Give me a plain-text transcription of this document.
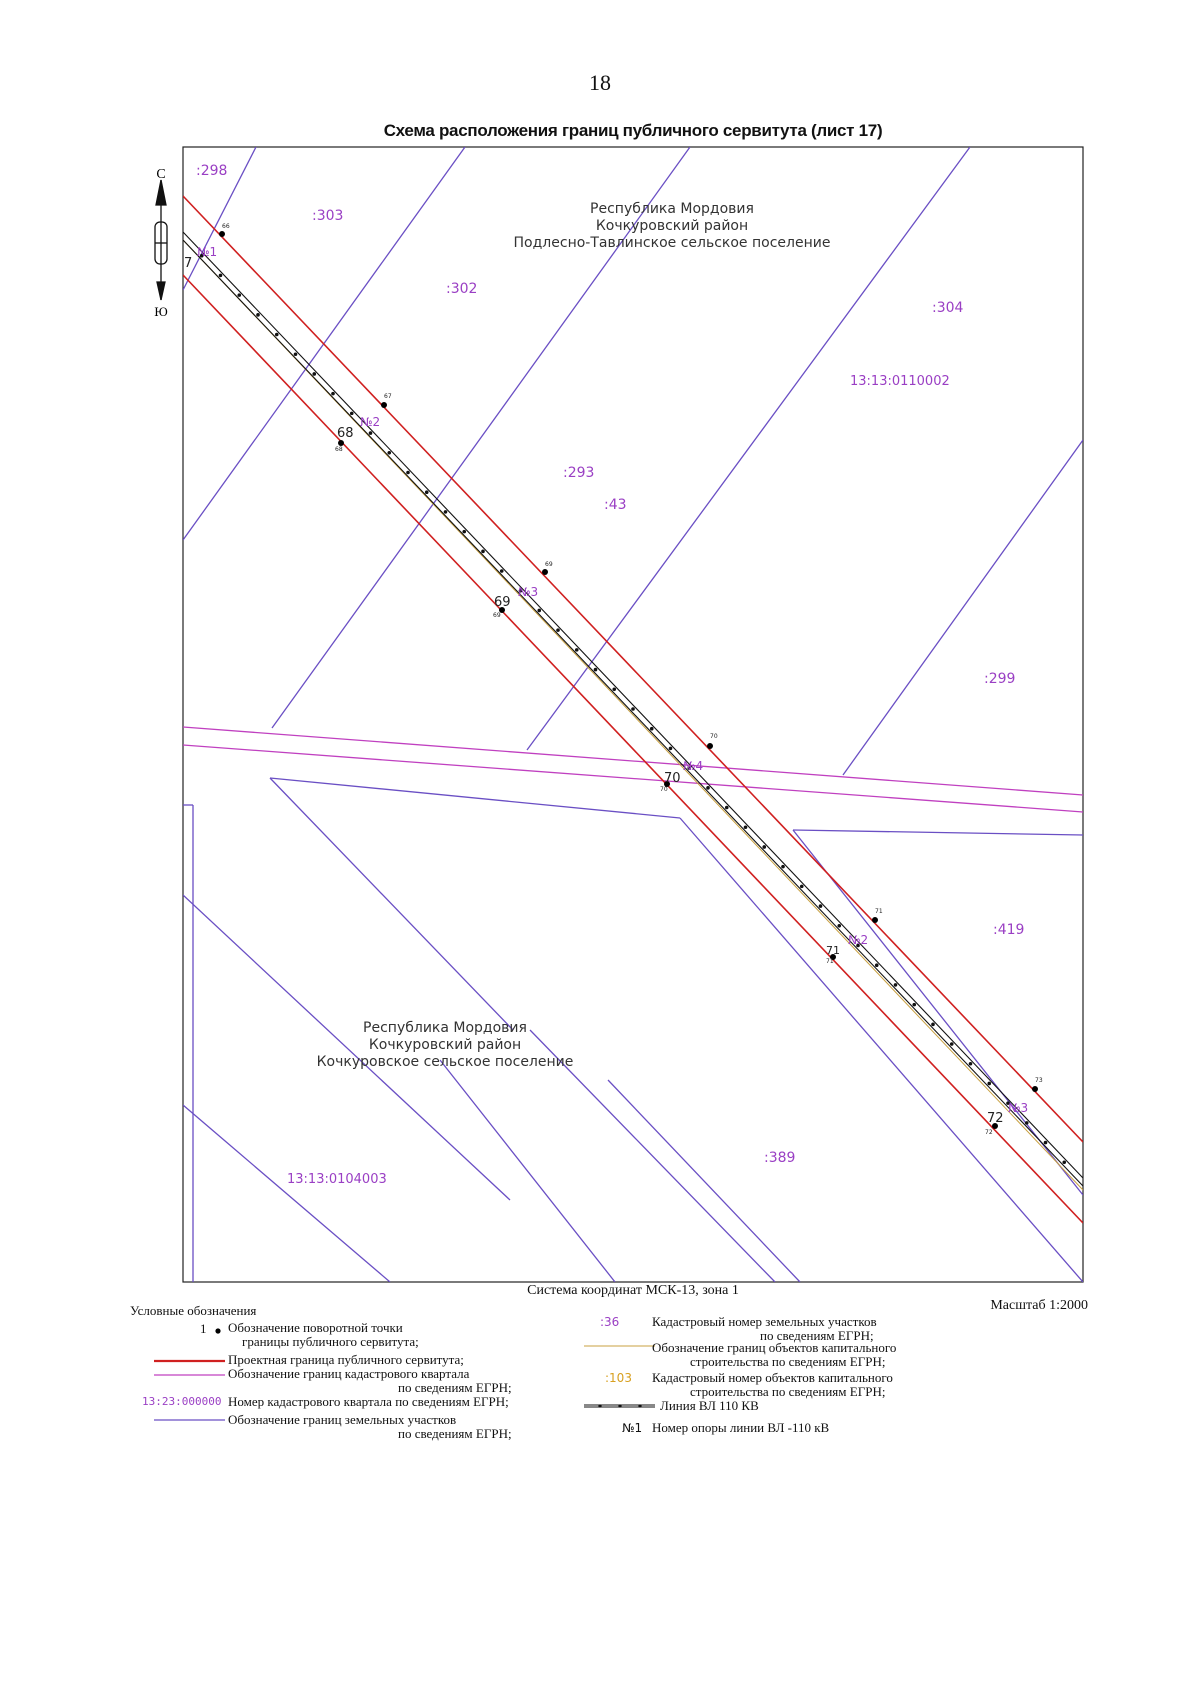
18
Схема расположения границ публичного сервитута (лист 17)
С
Ю
Республика Мордовия
Кочкуровский район
Подлесно-Тавлинское сельское поселение
Республика Мордовия
Кочкуровский район
Кочкуровское сельское поселение
13:13:0110002
13:13:0104003
:298
:303
:302
:304
:293
:43
:299
:419
:389
№1
№2
№3
№4
№2
№3
68
69
70
72
7
66
67
68
69
69
70
70
71
71
73
72
71
Система координат МСК-13, зона 1
Масштаб 1:2000
Условные обозначения
1 Обозначение поворотной точки
границы публичного сервитута;
Проектная граница публичного сервитута;
Обозначение границ кадастрового квартала
по сведениям ЕГРН;
13:23:000000 Номер кадастрового квартала по сведениям ЕГРН;
Обозначение границ земельных участков
по сведениям ЕГРН;
:36	Кадастровый номер земельных участков
по сведениям ЕГРН;
Обозначение границ объектов капитального
строительства по сведениям ЕГРН;
:103 Кадастровый номер объектов капитального
строительства по сведениям ЕГРН;
Линия ВЛ 110 КВ
№1 Номер опоры линии ВЛ -110 кВ
